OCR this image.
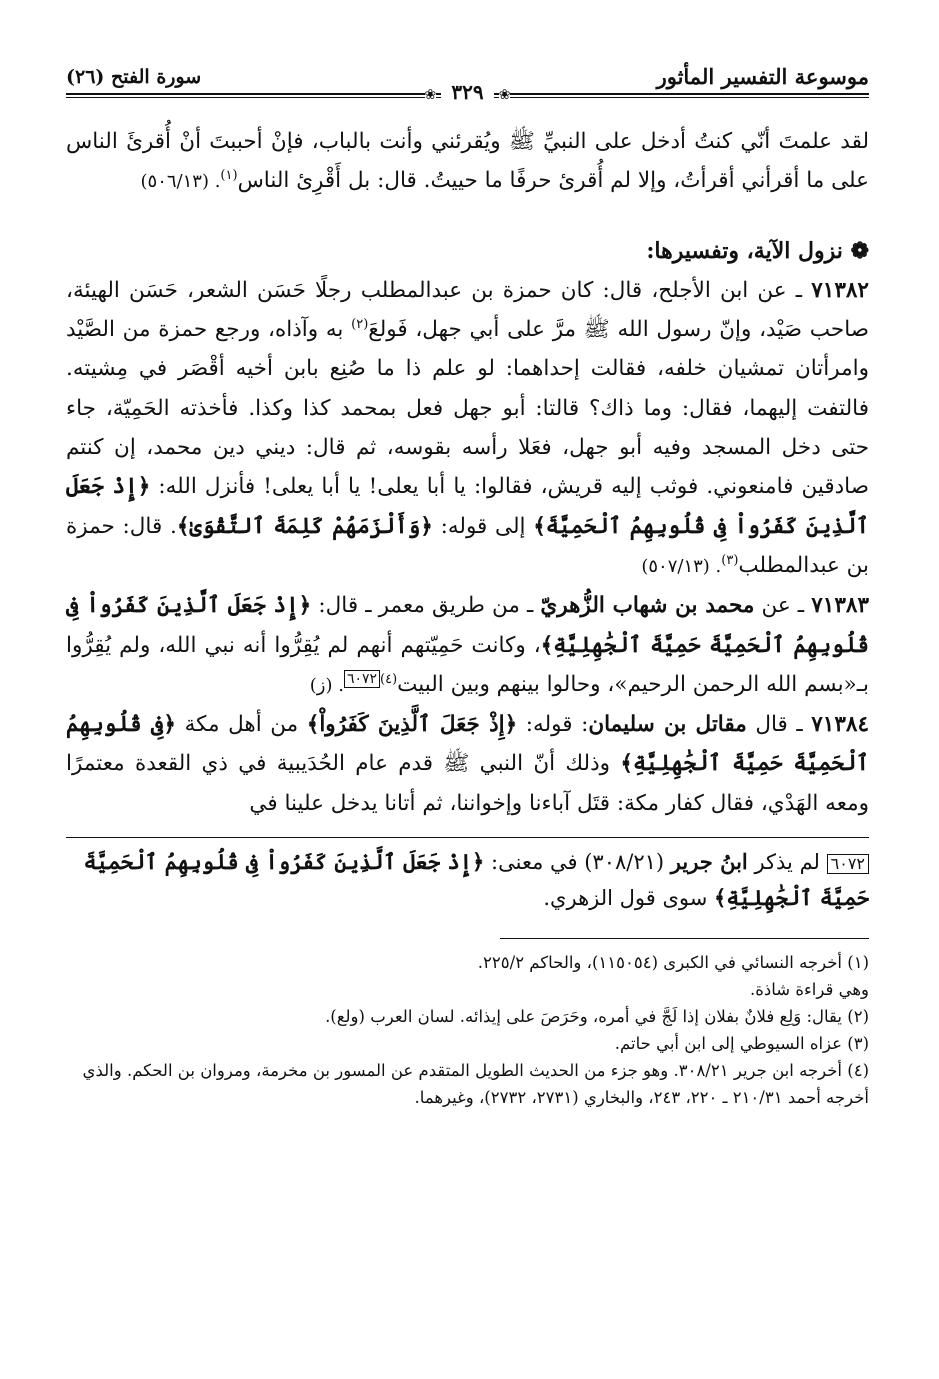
موسوعة التفسير المأثور
سورة الفتح (٢٦)
❀ ٣٢٩ ❀

لقد علمتَ أنّي كنتُ أدخل على النبيِّ ﷺ ويُقرئني وأنت بالباب، فإنْ أحببتَ أنْ أُقرئَ الناس على ما أقرأني أقرأتُ، وإلا لم أُقرئ حرفًا ما حييتُ. قال: بل أَقْرِئ الناس$^{(١)}$. (٥٠٦/١٣)

❁ نزول الآية، وتفسيرها:

٧١٣٨٢ ـ عن ابن الأجلح، قال: كان حمزة بن عبدالمطلب رجلًا حَسَن الشعر، حَسَن الهيئة، صاحب صَيْد، وإنّ رسول الله ﷺ مرَّ على أبي جهل، فَولعَ$^{(٢)}$ به وآذاه، ورجع حمزة من الصَّيْد وامرأتان تمشيان خلفه، فقالت إحداهما: لو علم ذا ما صُنِع بابن أخيه أقْصَر في مِشيته. فالتفت إليهما، فقال: وما ذاك؟ قالتا: أبو جهل فعل بمحمد كذا وكذا. فأخذته الحَمِيّة، جاء حتى دخل المسجد وفيه أبو جهل، فعَلا رأسه بقوسه، ثم قال: ديني دين محمد، إن كنتم صادقين فامنعوني. فوثب إليه قريش، فقالوا: يا أبا يعلى! يا أبا يعلى! فأنزل الله: ﴿إِذْ جَعَلَ ٱلَّذِينَ كَفَرُواْ فِى قُلُوبِهِمُ ٱلْحَمِيَّةَ﴾ إلى قوله: ﴿وَأَلْزَمَهُمْ كَلِمَةَ ٱلتَّقْوَىٰ﴾. قال: حمزة بن عبدالمطلب$^{(٣)}$. (٥٠٧/١٣)

٧١٣٨٣ ـ عن محمد بن شهاب الزُّهريّ ـ من طريق معمر ـ قال: ﴿إِذْ جَعَلَ ٱلَّذِينَ كَفَرُواْ فِى قُلُوبِهِمُ ٱلْحَمِيَّةَ حَمِيَّةَ ٱلْجَٰهِلِيَّةِ﴾، وكانت حَمِيّتهم أنهم لم يُقِرُّوا أنه نبي الله، ولم يُقِرُّوا بـ«بسم الله الرحمن الرحيم»، وحالوا بينهم وبين البيت$^{(٤)}$٦٠٧٢. (ز)

٧١٣٨٤ ـ قال مقاتل بن سليمان: قوله: ﴿إِذْ جَعَلَ ٱلَّذِينَ كَفَرُواْ﴾ من أهل مكة ﴿فِى قُلُوبِهِمُ ٱلْحَمِيَّةَ حَمِيَّةَ ٱلْجَٰهِلِيَّةِ﴾ وذلك أنّ النبي ﷺ قدم عام الحُدَيبية في ذي القعدة معتمرًا ومعه الهَدْي، فقال كفار مكة: قتَل آباءنا وإخواننا، ثم أتانا يدخل علينا في

٦٠٧٢ لم يذكر ابنُ جرير (٣٠٨/٢١) في معنى: ﴿إِذْ جَعَلَ ٱلَّذِينَ كَفَرُواْ فِى قُلُوبِهِمُ ٱلْحَمِيَّةَ حَمِيَّةَ ٱلْجَٰهِلِيَّةِ﴾ سوى قول الزهري.

(١) أخرجه النسائي في الكبرى (١١٥٠٥٤)، والحاكم ٢٢٥/٢.

وهي قراءة شاذة.

(٢) يقال: وَلِع فلانٌ بفلان إذا لَجَّ في أمره، وحَرَصَ على إيذائه. لسان العرب (ولع).

(٣) عزاه السيوطي إلى ابن أبي حاتم.

(٤) أخرجه ابن جرير ٣٠٨/٢١. وهو جزء من الحديث الطويل المتقدم عن المسور بن مخرمة، ومروان بن الحكم. والذي أخرجه أحمد ٢١٠/٣١ ـ ٢٢٠، ٢٤٣، والبخاري (٢٧٣١، ٢٧٣٢)، وغيرهما.
